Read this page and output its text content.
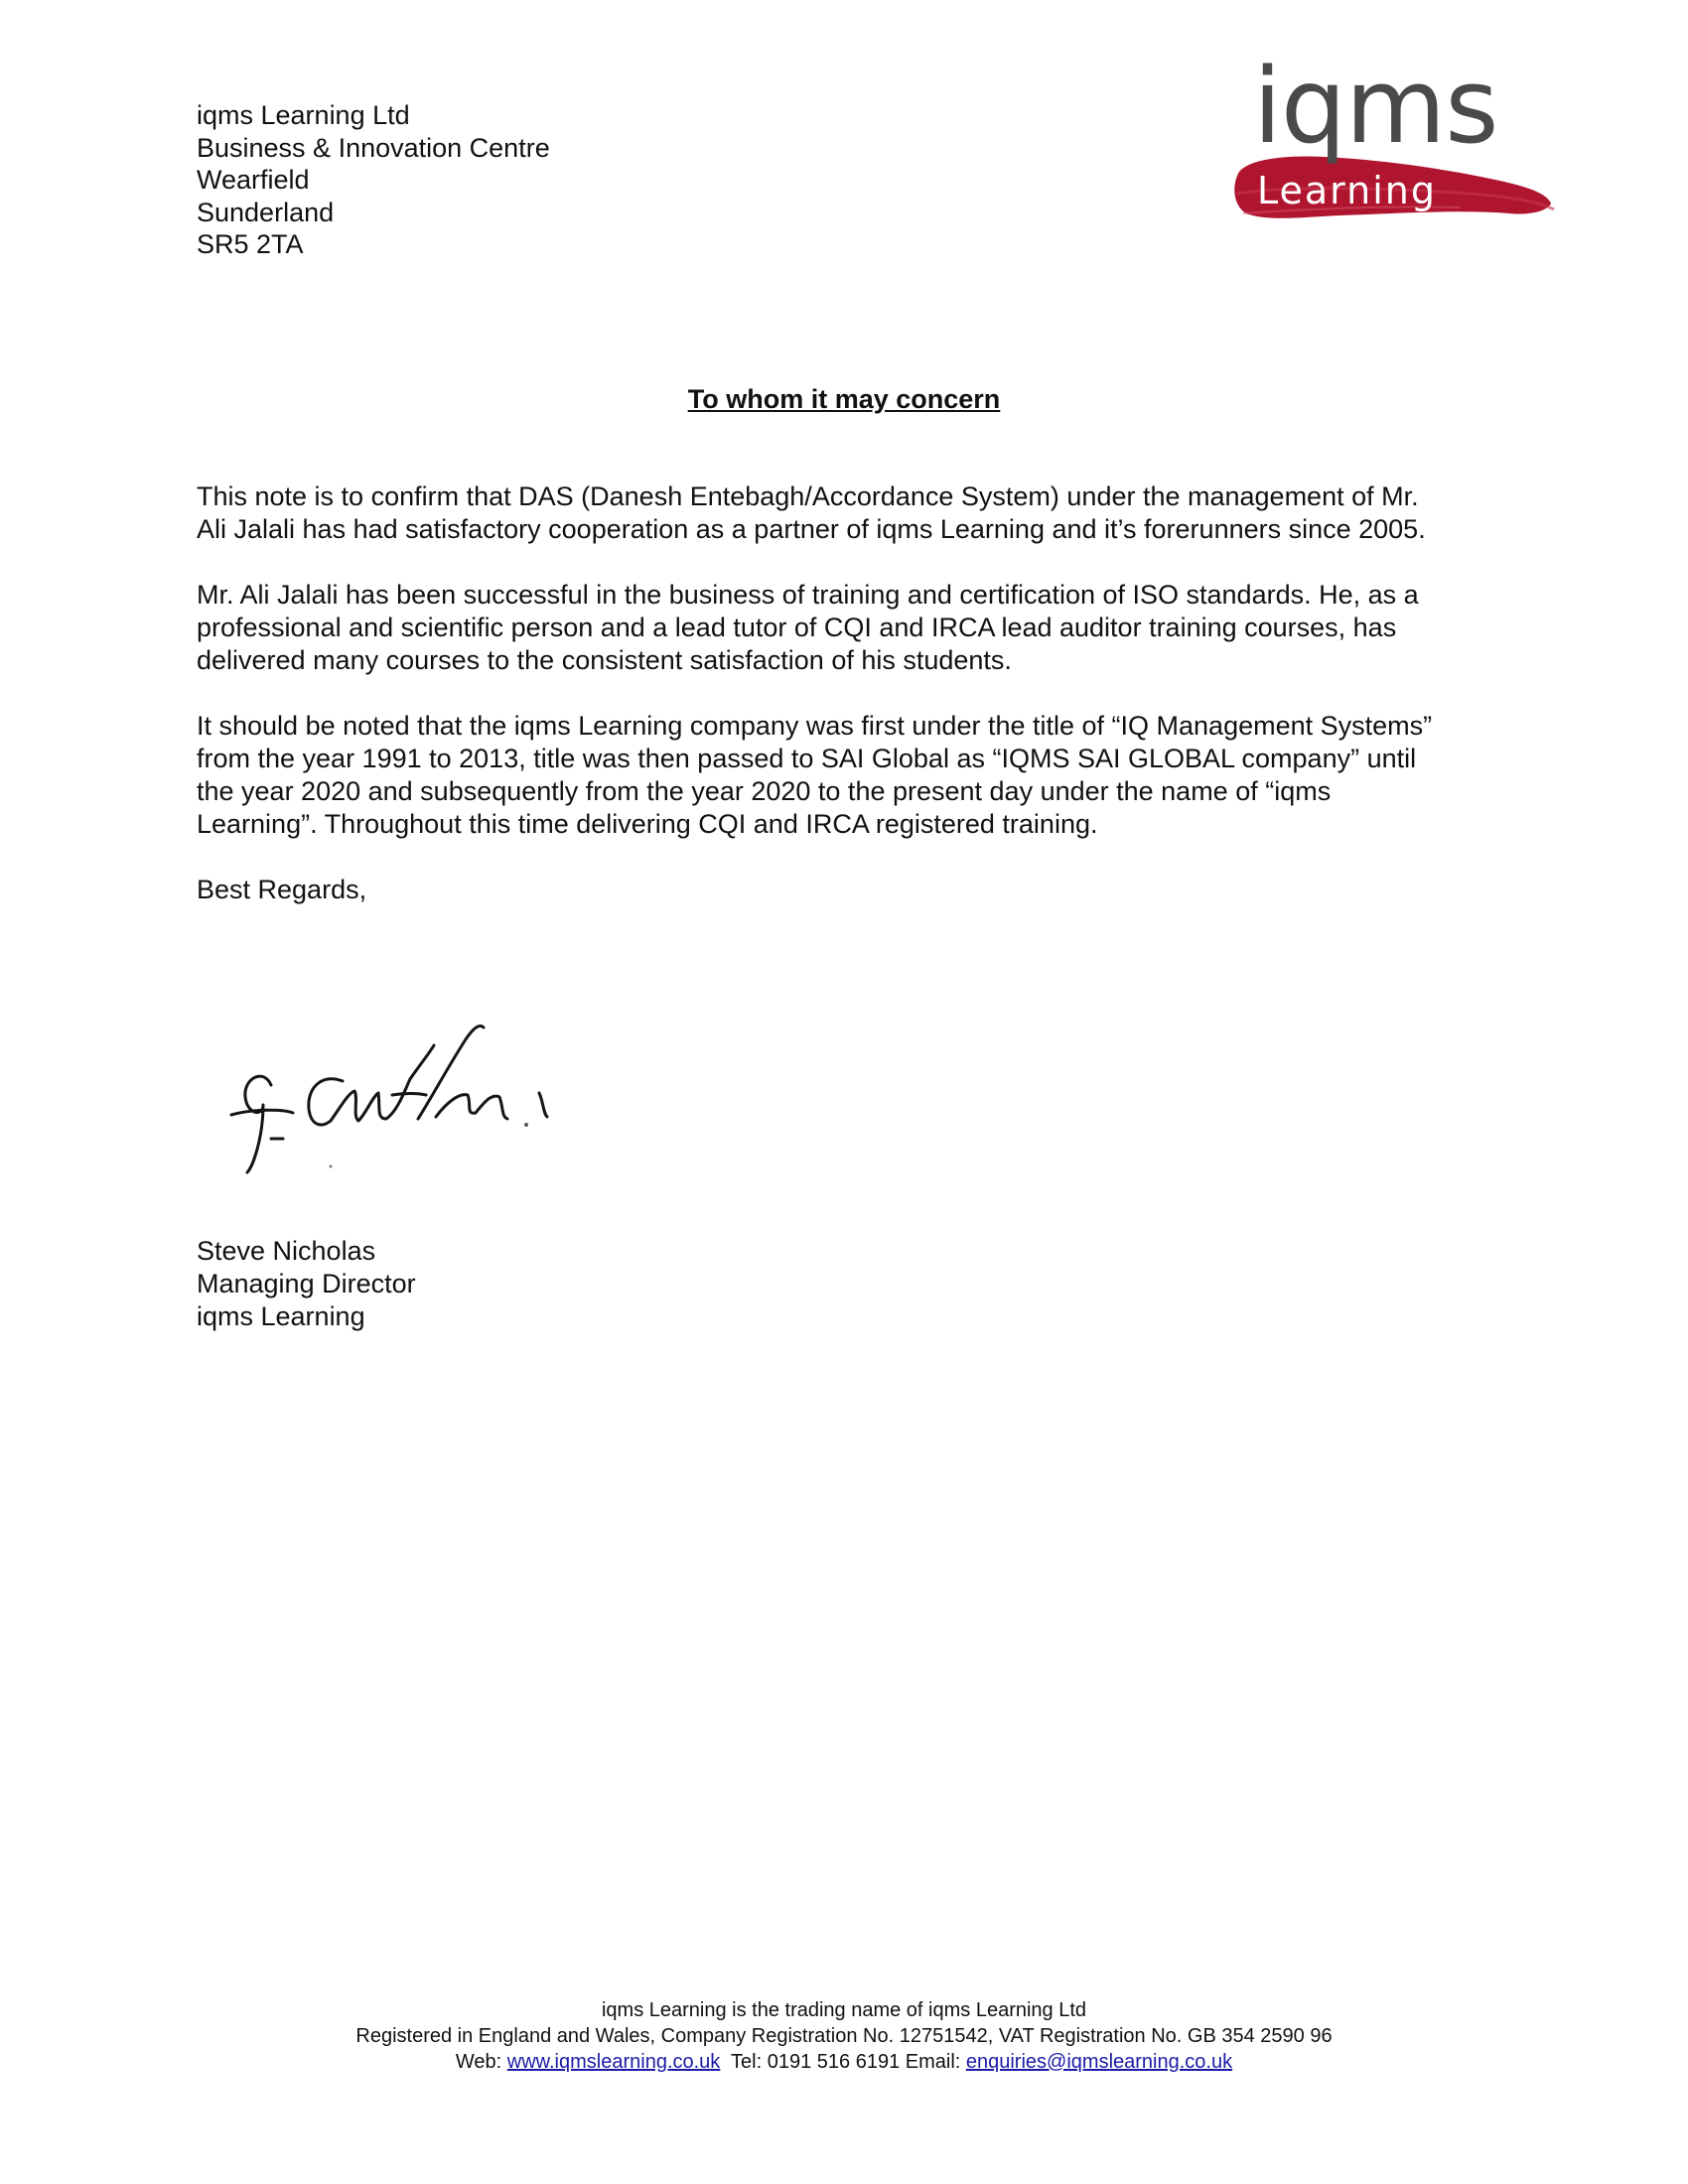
iqms Learning Ltd
Business & Innovation Centre
Wearfield
Sunderland
SR5 2TA
iqms
Learning
To whom it may concern

This note is to confirm that DAS (Danesh Entebagh/Accordance System) under the management of Mr.
Ali Jalali has had satisfactory cooperation as a partner of iqms Learning and it’s forerunners since 2005.

Mr. Ali Jalali has been successful in the business of training and certification of ISO standards. He, as a
professional and scientific person and a lead tutor of CQI and IRCA lead auditor training courses, has
delivered many courses to the consistent satisfaction of his students.

It should be noted that the iqms Learning company was first under the title of “IQ Management Systems”
from the year 1991 to 2013, title was then passed to SAI Global as “IQMS SAI GLOBAL company” until
the year 2020 and subsequently from the year 2020 to the present day under the name of “iqms
Learning”. Throughout this time delivering CQI and IRCA registered training.

Best Regards,

Steve Nicholas
Managing Director
iqms Learning
iqms Learning is the trading name of iqms Learning Ltd
Registered in England and Wales, Company Registration No. 12751542, VAT Registration No. GB 354 2590 96
Web: www.iqmslearning.co.uk  Tel: 0191 516 6191 Email: enquiries@iqmslearning.co.uk
